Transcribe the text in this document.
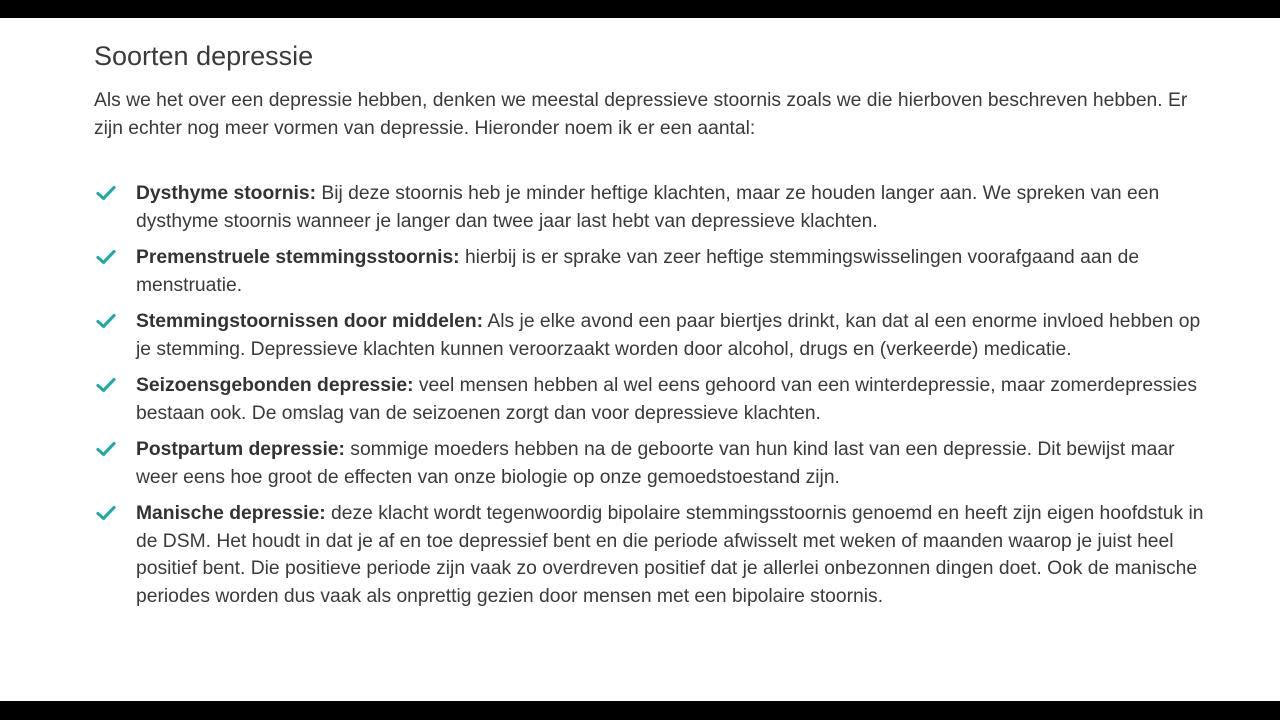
Soorten depressie

Als we het over een depressie hebben, denken we meestal depressieve stoornis zoals we die hierboven beschreven hebben. Er zijn echter nog meer vormen van depressie. Hieronder noem ik er een aantal:

Dysthyme stoornis: Bij deze stoornis heb je minder heftige klachten, maar ze houden langer aan. We spreken van een dysthyme stoornis wanneer je langer dan twee jaar last hebt van depressieve klachten.
Premenstruele stemmingsstoornis: hierbij is er sprake van zeer heftige stemmingswisselingen voorafgaand aan de menstruatie.
Stemmingstoornissen door middelen: Als je elke avond een paar biertjes drinkt, kan dat al een enorme invloed hebben op je stemming. Depressieve klachten kunnen veroorzaakt worden door alcohol, drugs en (verkeerde) medicatie.
Seizoensgebonden depressie: veel mensen hebben al wel eens gehoord van een winterdepressie, maar zomerdepressies bestaan ook. De omslag van de seizoenen zorgt dan voor depressieve klachten.
Postpartum depressie: sommige moeders hebben na de geboorte van hun kind last van een depressie. Dit bewijst maar weer eens hoe groot de effecten van onze biologie op onze gemoedstoestand zijn.
Manische depressie: deze klacht wordt tegenwoordig bipolaire stemmingsstoornis genoemd en heeft zijn eigen hoofdstuk in de DSM. Het houdt in dat je af en toe depressief bent en die periode afwisselt met weken of maanden waarop je juist heel positief bent. Die positieve periode zijn vaak zo overdreven positief dat je allerlei onbezonnen dingen doet. Ook de manische periodes worden dus vaak als onprettig gezien door mensen met een bipolaire stoornis.
